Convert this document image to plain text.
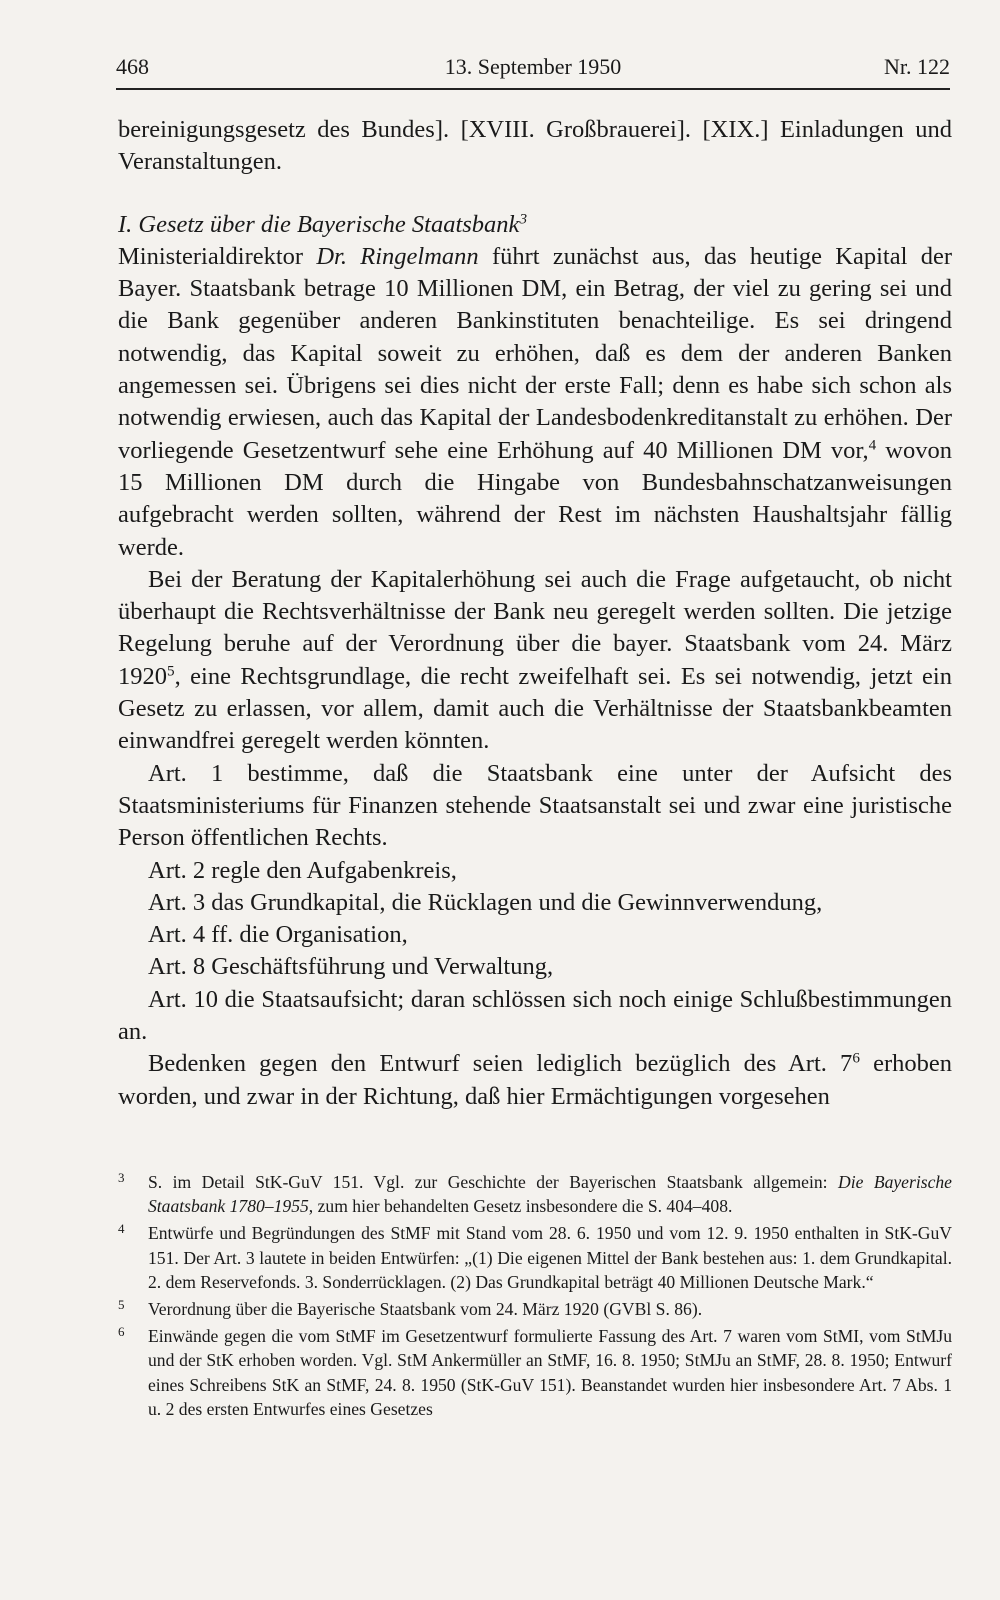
468	13. September 1950	Nr. 122

bereinigungsgesetz des Bundes]. [XVIII. Großbrauerei]. [XIX.] Einladungen und Veranstaltungen.

I. Gesetz über die Bayerische Staatsbank$^3$

Ministerialdirektor Dr. Ringelmann führt zunächst aus, das heutige Kapital der Bayer. Staatsbank betrage 10 Millionen DM, ein Betrag, der viel zu gering sei und die Bank gegenüber anderen Bankinstituten benachteilige. Es sei dringend notwendig, das Kapital soweit zu erhöhen, daß es dem der anderen Banken angemessen sei. Übrigens sei dies nicht der erste Fall; denn es habe sich schon als notwendig erwiesen, auch das Kapital der Landesbodenkreditanstalt zu erhöhen. Der vorliegende Gesetzentwurf sehe eine Erhöhung auf 40 Millionen DM vor,$^4$ wovon 15 Millionen DM durch die Hingabe von Bundesbahnschatzanweisungen aufgebracht werden sollten, während der Rest im nächsten Haushaltsjahr fällig werde.

Bei der Beratung der Kapitalerhöhung sei auch die Frage aufgetaucht, ob nicht überhaupt die Rechtsverhältnisse der Bank neu geregelt werden sollten. Die jetzige Regelung beruhe auf der Verordnung über die bayer. Staatsbank vom 24. März 1920$^5$, eine Rechtsgrundlage, die recht zweifelhaft sei. Es sei notwendig, jetzt ein Gesetz zu erlassen, vor allem, damit auch die Verhältnisse der Staatsbankbeamten einwandfrei geregelt werden könnten.

Art. 1 bestimme, daß die Staatsbank eine unter der Aufsicht des Staatsministeriums für Finanzen stehende Staatsanstalt sei und zwar eine juristische Person öffentlichen Rechts.

Art. 2 regle den Aufgabenkreis,

Art. 3 das Grundkapital, die Rücklagen und die Gewinnverwendung,

Art. 4 ff. die Organisation,

Art. 8 Geschäftsführung und Verwaltung,

Art. 10 die Staatsaufsicht; daran schlössen sich noch einige Schlußbestimmungen an.

Bedenken gegen den Entwurf seien lediglich bezüglich des Art. $7^6$ erhoben worden, und zwar in der Richtung, daß hier Ermächtigungen vorgesehen

3 S. im Detail StK-GuV 151. Vgl. zur Geschichte der Bayerischen Staatsbank allgemein: Die Bayerische Staatsbank 1780–1955, zum hier behandelten Gesetz insbesondere die S. 404–408.

4 Entwürfe und Begründungen des StMF mit Stand vom 28. 6. 1950 und vom 12. 9. 1950 enthalten in StK-GuV 151. Der Art. 3 lautete in beiden Entwürfen: „(1) Die eigenen Mittel der Bank bestehen aus: 1. dem Grundkapital. 2. dem Reservefonds. 3. Sonderrücklagen. (2) Das Grundkapital beträgt 40 Millionen Deutsche Mark.“

5 Verordnung über die Bayerische Staatsbank vom 24. März 1920 (GVBl S. 86).

6 Einwände gegen die vom StMF im Gesetzentwurf formulierte Fassung des Art. 7 waren vom StMI, vom StMJu und der StK erhoben worden. Vgl. StM Ankermüller an StMF, 16. 8. 1950; StMJu an StMF, 28. 8. 1950; Entwurf eines Schreibens StK an StMF, 24. 8. 1950 (StK-GuV 151). Beanstandet wurden hier insbesondere Art. 7 Abs. 1 u. 2 des ersten Entwurfes eines Gesetzes
